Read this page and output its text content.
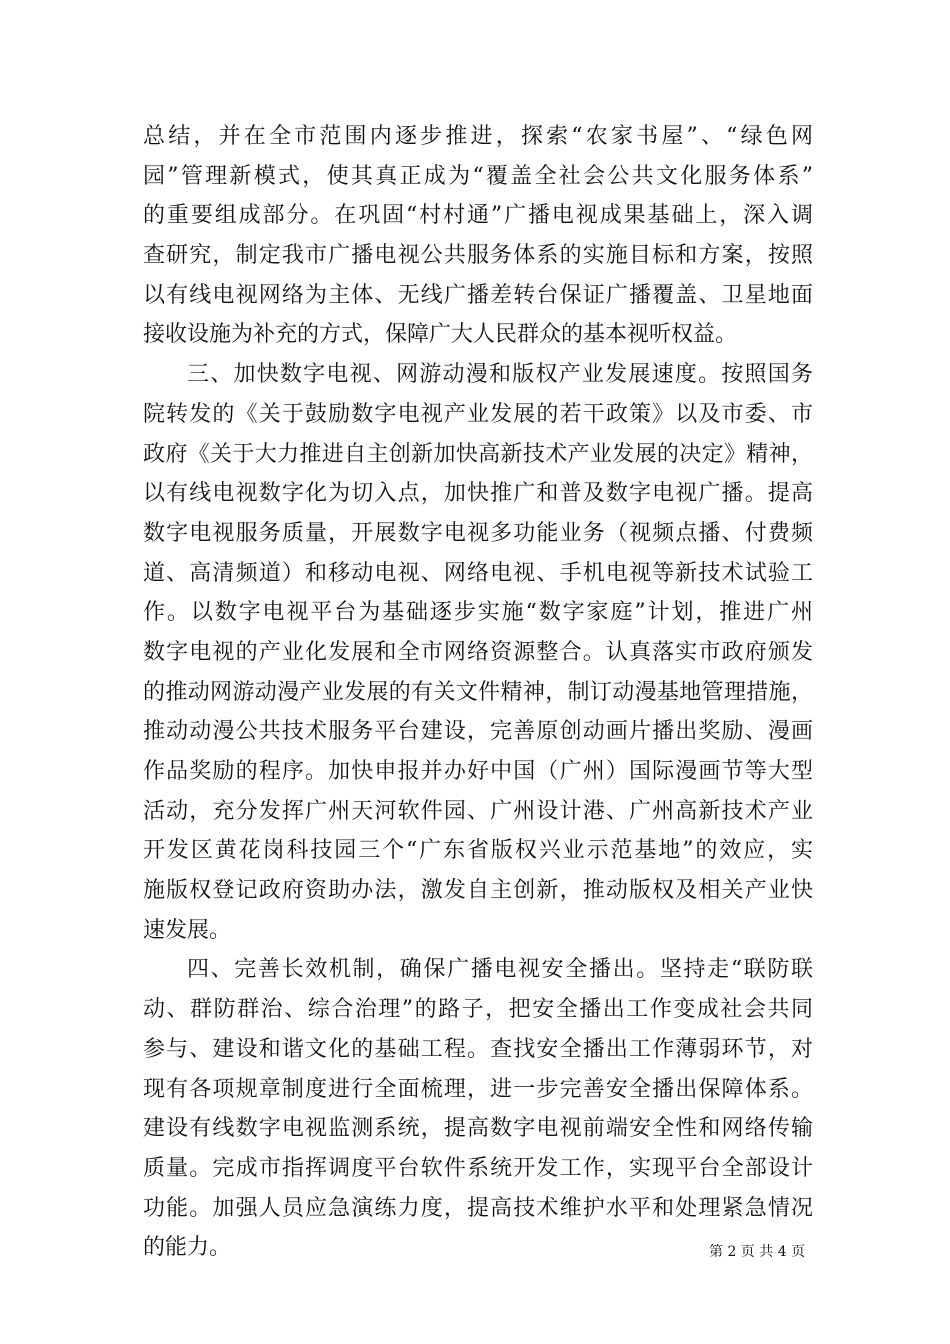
总结，并在全市范围内逐步推进，探索“农家书屋”、“绿色网
园”管理新模式，使其真正成为“覆盖全社会公共文化服务体系”
的重要组成部分。在巩固“村村通”广播电视成果基础上，深入调
查研究，制定我市广播电视公共服务体系的实施目标和方案，按照
以有线电视网络为主体、无线广播差转台保证广播覆盖、卫星地面
接收设施为补充的方式，保障广大人民群众的基本视听权益。
三、加快数字电视、网游动漫和版权产业发展速度。按照国务
院转发的《关于鼓励数字电视产业发展的若干政策》以及市委、市
政府《关于大力推进自主创新加快高新技术产业发展的决定》精神，
以有线电视数字化为切入点，加快推广和普及数字电视广播。提高
数字电视服务质量，开展数字电视多功能业务（视频点播、付费频
道、高清频道）和移动电视、网络电视、手机电视等新技术试验工
作。以数字电视平台为基础逐步实施“数字家庭”计划，推进广州
数字电视的产业化发展和全市网络资源整合。认真落实市政府颁发
的推动网游动漫产业发展的有关文件精神，制订动漫基地管理措施，
推动动漫公共技术服务平台建设，完善原创动画片播出奖励、漫画
作品奖励的程序。加快申报并办好中国（广州）国际漫画节等大型
活动，充分发挥广州天河软件园、广州设计港、广州高新技术产业
开发区黄花岗科技园三个“广东省版权兴业示范基地”的效应，实
施版权登记政府资助办法，激发自主创新，推动版权及相关产业快
速发展。
四、完善长效机制，确保广播电视安全播出。坚持走“联防联
动、群防群治、综合治理”的路子，把安全播出工作变成社会共同
参与、建设和谐文化的基础工程。查找安全播出工作薄弱环节，对
现有各项规章制度进行全面梳理，进一步完善安全播出保障体系。
建设有线数字电视监测系统，提高数字电视前端安全性和网络传输
质量。完成市指挥调度平台软件系统开发工作，实现平台全部设计
功能。加强人员应急演练力度，提高技术维护水平和处理紧急情况
的能力。	第 2 页 共 4 页
